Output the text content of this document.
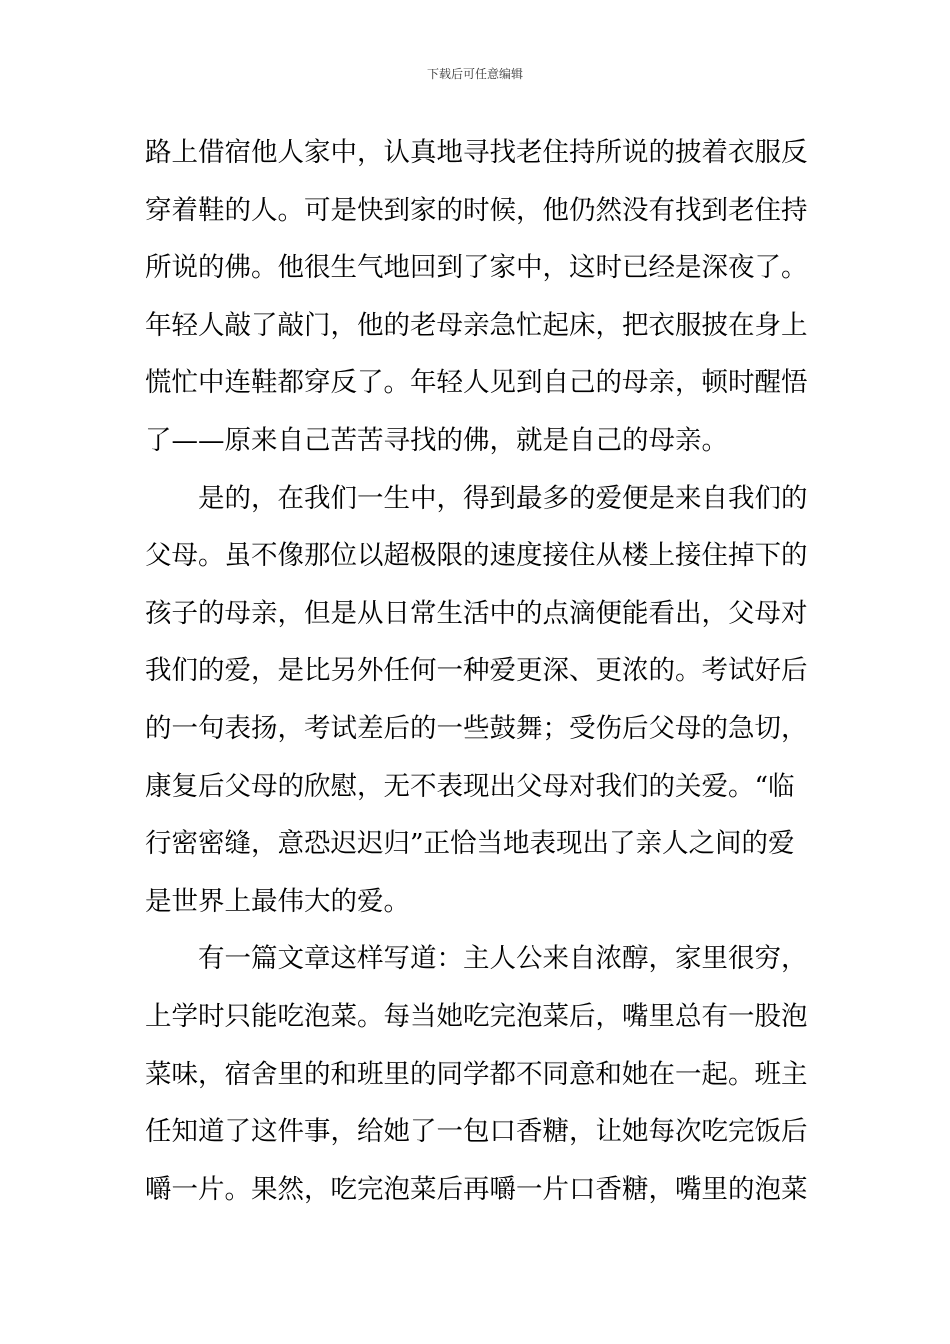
下载后可任意编辑
路上借宿他人家中，认真地寻找老住持所说的披着衣服反
穿着鞋的人。可是快到家的时候，他仍然没有找到老住持
所说的佛。他很生气地回到了家中，这时已经是深夜了。
年轻人敲了敲门，他的老母亲急忙起床，把衣服披在身上
慌忙中连鞋都穿反了。年轻人见到自己的母亲，顿时醒悟
了——原来自己苦苦寻找的佛，就是自己的母亲。
是的，在我们一生中，得到最多的爱便是来自我们的
父母。虽不像那位以超极限的速度接住从楼上接住掉下的
孩子的母亲，但是从日常生活中的点滴便能看出，父母对
我们的爱，是比另外任何一种爱更深、更浓的。考试好后
的一句表扬，考试差后的一些鼓舞；受伤后父母的急切，
康复后父母的欣慰，无不表现出父母对我们的关爱。“临
行密密缝，意恐迟迟归”正恰当地表现出了亲人之间的爱
是世界上最伟大的爱。
有一篇文章这样写道：主人公来自浓醇，家里很穷，
上学时只能吃泡菜。每当她吃完泡菜后，嘴里总有一股泡
菜味，宿舍里的和班里的同学都不同意和她在一起。班主
任知道了这件事，给她了一包口香糖，让她每次吃完饭后
嚼一片。果然，吃完泡菜后再嚼一片口香糖，嘴里的泡菜
